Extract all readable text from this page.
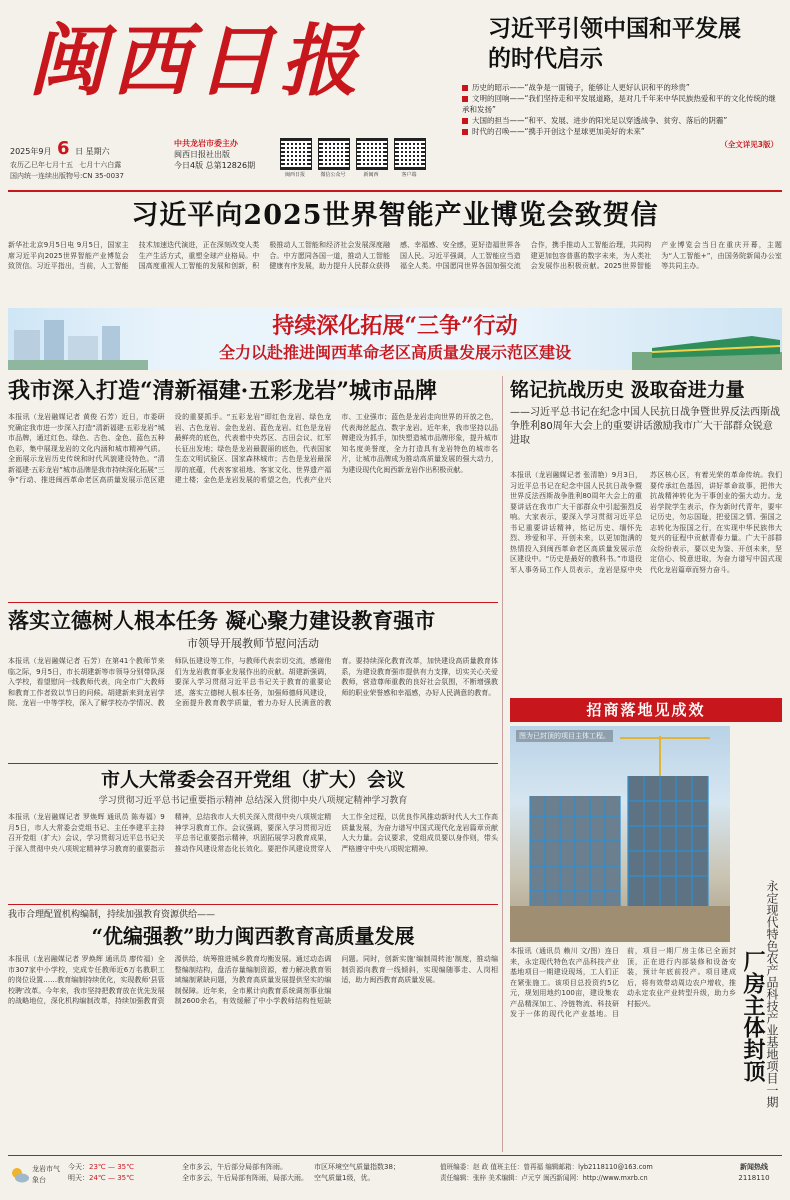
闽西日报
2025年9月 6 日 星期六
农历乙巳年七月十五 七月十六白露
国内统一连续出版物号:CN 35-0037
中共龙岩市委主办
闽西日报社出版
今日4版 总第12826期
闽西日报	微信公众号	新闽西	客户端
习近平引领中国和平发展的时代启示
历史的昭示——“战争是一面镜子，能够让人更好认识和平的珍贵”
文明的回响——“我们坚持走和平发展道路，是对几千年来中华民族热爱和平的文化传统的继承和发扬”
大国的担当——“和平、发展、进步的阳光足以穿透战争、贫穷、落后的阴霾”
时代的召唤——“携手开创这个星球更加美好的未来”
（全文详见3版）
习近平向2025世界智能产业博览会致贺信
新华社北京9月5日电 9月5日，国家主席习近平向2025世界智能产业博览会致贺信。习近平指出，当前，人工智能技术加速迭代演进，正在深刻改变人类生产生活方式，重塑全球产业格局。中国高度重视人工智能的发展和创新，积极推动人工智能和经济社会发展深度融合。中方愿同各国一道，推动人工智能健康有序发展，助力提升人民群众获得感、幸福感、安全感，更好造福世界各国人民。习近平强调，人工智能应当造福全人类。中国愿同世界各国加强交流合作，携手推动人工智能治理，共同构建更加包容普惠的数字未来，为人类社会发展作出积极贡献。2025世界智能产业博览会当日在重庆开幕，主题为“人工智能+”，由国务院新闻办公室等共同主办。
持续深化拓展“三争”行动
全力以赴推进闽西革命老区高质量发展示范区建设
我市深入打造“清新福建·五彩龙岩”城市品牌
本报讯（龙岩融媒记者 黄俊 石芳）近日，市委研究确定我市进一步深入打造“清新福建·五彩龙岩”城市品牌，通过红色、绿色、古色、金色、蓝色五种色彩，集中展现龙岩的文化内涵和城市精神气质。全面展示龙岩历史传统和时代风貌建设特色。“清新福建·五彩龙岩”城市品牌是我市持续深化拓展“三争”行动、推进闽西革命老区高质量发展示范区建设的重要抓手。“五彩龙岩”即红色龙岩、绿色龙岩、古色龙岩、金色龙岩、蓝色龙岩。红色是龙岩最鲜亮的底色，代表着中央苏区、古田会议、红军长征出发地；绿色是龙岩最靓丽的底色，代表国家生态文明试验区、国家森林城市；古色是龙岩最深厚的底蕴，代表客家祖地、客家文化、世界遗产福建土楼；金色是龙岩发展的希望之色，代表产业兴市、工业强市；蓝色是龙岩走向世界的开放之色，代表海丝起点、数字龙岩。近年来，我市坚持以品牌建设为抓手，加快塑造城市品牌形象，提升城市知名度美誉度，全力打造具有龙岩特色的城市名片，让城市品牌成为推动高质量发展的强大动力，为建设现代化闽西新龙岩作出积极贡献。
落实立德树人根本任务 凝心聚力建设教育强市
市领导开展教师节慰问活动
本报讯（龙岩融媒记者 石芳）在第41个教师节来临之际，9月5日，市长胡建新等市领导分别带队深入学校，看望慰问一线教师代表，向全市广大教师和教育工作者致以节日的问候。胡建新来到龙岩学院、龙岩一中等学校，深入了解学校办学情况、教师队伍建设等工作，与教师代表亲切交流，感谢他们为龙岩教育事业发展作出的贡献。胡建新强调，要深入学习贯彻习近平总书记关于教育的重要论述，落实立德树人根本任务，加强师德师风建设，全面提升教育教学质量，着力办好人民满意的教育。要持续深化教育改革，加快建设高质量教育体系，为建设教育强市提供有力支撑，切实关心关爱教师，营造尊师重教的良好社会氛围，不断增强教师的职业荣誉感和幸福感，办好人民满意的教育。
市人大常委会召开党组（扩大）会议
学习贯彻习近平总书记重要指示精神 总结深入贯彻中央八项规定精神学习教育
本报讯（龙岩融媒记者 罗焕辉 通讯员 陈寿福）9月5日，市人大常委会党组书记、主任李建平主持召开党组（扩大）会议，学习贯彻习近平总书记关于深入贯彻中央八项规定精神学习教育的重要指示精神，总结我市人大机关深入贯彻中央八项规定精神学习教育工作。会议强调，要深入学习贯彻习近平总书记重要指示精神，巩固拓展学习教育成果，推动作风建设常态化长效化。要把作风建设贯穿人大工作全过程，以优良作风推动新时代人大工作高质量发展，为奋力谱写中国式现代化龙岩篇章贡献人大力量。会议要求，党组成员要以身作则，带头严格遵守中央八项规定精神。
我市合理配置机构编制，持续加强教育资源供给——
“优编强教”助力闽西教育高质量发展
本报讯（龙岩融媒记者 罗焕辉 通讯员 廖传福）全市307家中小学校，完成专任教师近6万名教职工的岗位设置……教育编制持续优化，实现教师‘县管校聘’改革。今年来，我市坚持把教育放在优先发展的战略地位，深化机构编制改革，持续加强教育资源供给，统筹推进城乡教育均衡发展。通过动态调整编制结构，盘活存量编制资源，着力解决教育领域编制紧缺问题，为教育高质量发展提供坚实的编制保障。近年来，全市累计向教育系统调剂事业编制2600余名，有效缓解了中小学教师结构性短缺问题。同时，创新实施‘编制周转池’制度，推动编制资源向教育一线倾斜，实现编随事走、人岗相适，助力闽西教育高质量发展。
铭记抗战历史 汲取奋进力量
——习近平总书记在纪念中国人民抗日战争暨世界反法西斯战争胜利80周年大会上的重要讲话激励我市广大干部群众锐意进取
本报讯（龙岩融媒记者 张清艳）9月3日，习近平总书记在纪念中国人民抗日战争暨世界反法西斯战争胜利80周年大会上的重要讲话在我市广大干部群众中引起强烈反响。大家表示，要深入学习贯彻习近平总书记重要讲话精神，铭记历史、缅怀先烈、珍爱和平、开创未来，以更加饱满的热情投入到闽西革命老区高质量发展示范区建设中。“历史是最好的教科书。”市退役军人事务局工作人员表示，龙岩是原中央苏区核心区，有着光荣的革命传统。我们要传承红色基因，讲好革命故事，把伟大抗战精神转化为干事创业的强大动力。龙岩学院学生表示，作为新时代青年，要牢记历史，勿忘国耻，把爱国之情、强国之志转化为报国之行，在实现中华民族伟大复兴的征程中贡献青春力量。广大干部群众纷纷表示，要以史为鉴、开创未来，坚定信心、锐意进取，为奋力谱写中国式现代化龙岩篇章而努力奋斗。
招商落地见成效
图为已封顶的项目主体工程。
厂房主体封顶 永定现代特色农产品科技产业基地项目一期
本报讯（通讯员 赖川 文/图）连日来，永定现代特色农产品科技产业基地项目一期建设现场，工人们正在紧张施工。该项目总投资约5亿元，规划用地约100亩，建设集农产品精深加工、冷链物流、科技研发于一体的现代化产业基地。目前，项目一期厂房主体已全面封顶，正在进行内部装修和设备安装，预计年底前投产。项目建成后，将有效带动周边农户增收，推动永定农业产业转型升级，助力乡村振兴。
龙岩市气象台
今天：23℃ — 35℃
明天：24℃ — 35℃
全市多云，午后部分局部有阵雨。
全市多云，午后局部有阵雨，局部大雨。
市区环境空气质量指数38；
空气质量1级，优。
值班编委：赵 政 值班主任：曾再福 编辑邮箱：lyb2118110@163.com
责任编辑：张梓 美术编辑：卢元亨 闽西新闻网：http://www.mxrb.cn
新闻热线
2118110
